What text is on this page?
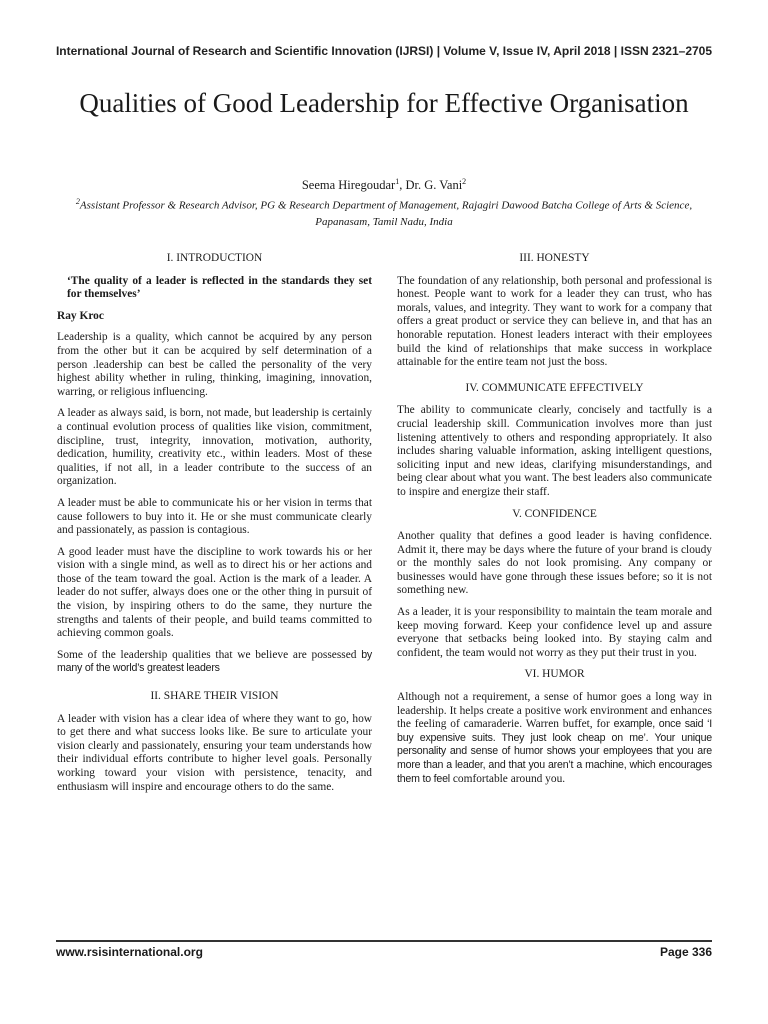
International Journal of Research and Scientific Innovation (IJRSI) | Volume V, Issue IV, April 2018 | ISSN 2321–2705
Qualities of Good Leadership for Effective Organisation
Seema Hiregoudar$^1$, Dr. G. Vani$^2$
$^2$Assistant Professor & Research Advisor, PG & Research Department of Management, Rajagiri Dawood Batcha College of Arts & Science, Papanasam, Tamil Nadu, India
I. INTRODUCTION

‘The quality of a leader is reflected in the standards they set for themselves’

Ray Kroc

Leadership is a quality, which cannot be acquired by any person from the other but it can be acquired by self determination of a person .leadership can best be called the personality of the very highest ability whether in ruling, thinking, imagining, innovation, warring, or religious influencing.

A leader as always said, is born, not made, but leadership is certainly a continual evolution process of qualities like vision, commitment, discipline, trust, integrity, innovation, motivation, authority, dedication, humility, creativity etc., within leaders. Most of these qualities, if not all, in a leader contribute to the success of an organization.

A leader must be able to communicate his or her vision in terms that cause followers to buy into it. He or she must communicate clearly and passionately, as passion is contagious.

A good leader must have the discipline to work towards his or her vision with a single mind, as well as to direct his or her actions and those of the team toward the goal. Action is the mark of a leader. A leader do not suffer, always does one or the other thing in pursuit of the vision, by inspiring others to do the same, they nurture the strengths and talents of their people, and build teams committed to achieving common goals.

Some of the leadership qualities that we believe are possessed by many of the world’s greatest leaders

II. SHARE THEIR VISION

A leader with vision has a clear idea of where they want to go, how to get there and what success looks like. Be sure to articulate your vision clearly and passionately, ensuring your team understands how their individual efforts contribute to higher level goals. Personally working toward your vision with persistence, tenacity, and enthusiasm will inspire and encourage others to do the same.

III. HONESTY

The foundation of any relationship, both personal and professional is honest. People want to work for a leader they can trust, who has morals, values, and integrity. They want to work for a company that offers a great product or service they can believe in, and that has an honorable reputation. Honest leaders interact with their employees build the kind of relationships that make success in workplace attainable for the entire team not just the boss.

IV. COMMUNICATE EFFECTIVELY

The ability to communicate clearly, concisely and tactfully is a crucial leadership skill. Communication involves more than just listening attentively to others and responding appropriately. It also includes sharing valuable information, asking intelligent questions, soliciting input and new ideas, clarifying misunderstandings, and being clear about what you want. The best leaders also communicate to inspire and energize their staff.

V. CONFIDENCE

Another quality that defines a good leader is having confidence. Admit it, there may be days where the future of your brand is cloudy or the monthly sales do not look promising. Any company or businesses would have gone through these issues before; so it is not something new.

As a leader, it is your responsibility to maintain the team morale and keep moving forward. Keep your confidence level up and assure everyone that setbacks being looked into. By staying calm and confident, the team would not worry as they put their trust in you.

VI. HUMOR

Although not a requirement, a sense of humor goes a long way in leadership. It helps create a positive work environment and enhances the feeling of camaraderie. Warren buffet, for example, once said ‘I buy expensive suits. They just look cheap on me’. Your unique personality and sense of humor shows your employees that you are more than a leader, and that you aren’t a machine, which encourages them to feel comfortable around you.

www.rsisinternational.org	Page 336
